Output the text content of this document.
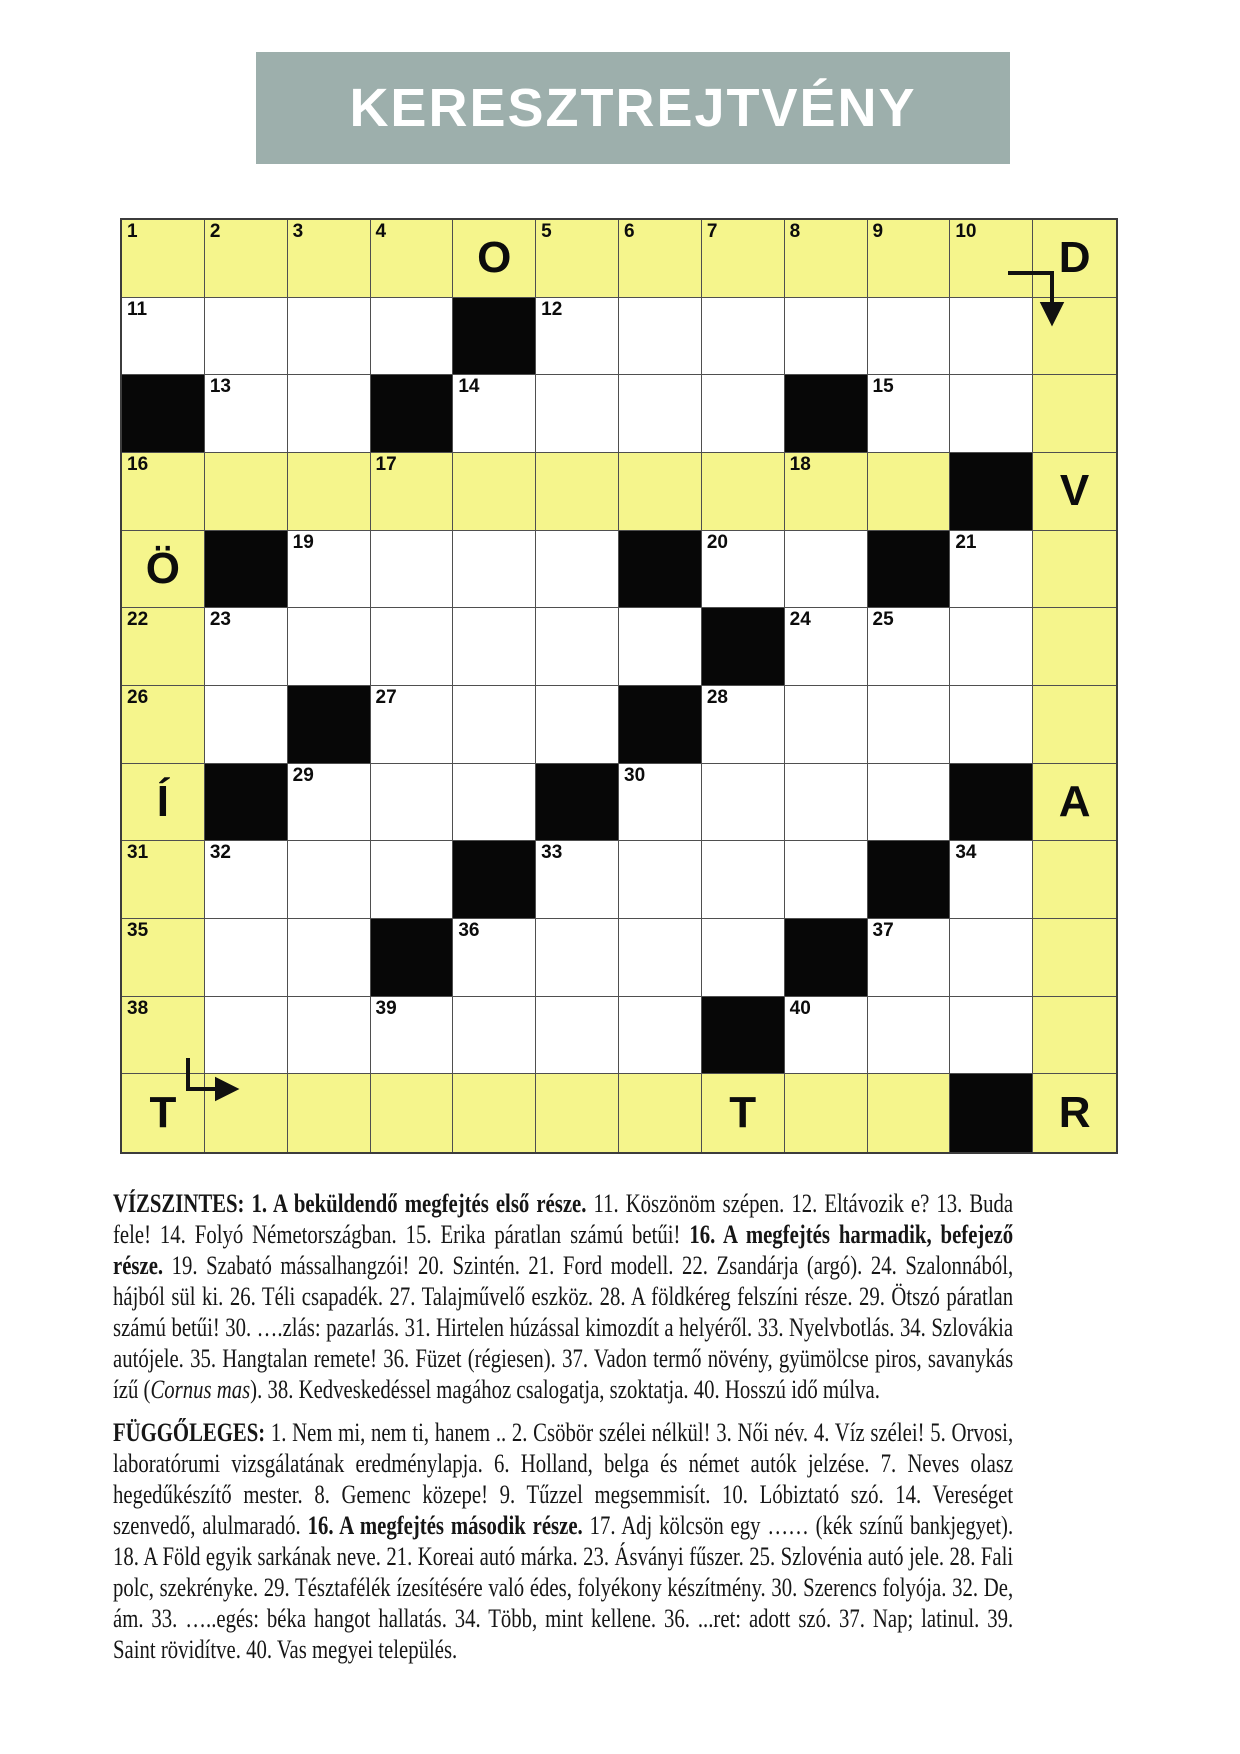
KERESZTREJTVÉNY
1	2	3	4
O
5	6	7	8	9	10
D
11	12
13	14	15
16	17	18
V
Ö
19	20	21
22	23	24	25
26	27	28
Í
29	30
A
31	32	33	34
35	36	37
38	39	40
T	T	R

VÍZSZINTES: 1. A beküldendő megfejtés első része. 11. Köszönöm szépen. 12. Eltávozik e? 13. Buda fele! 14. Folyó Németországban. 15. Erika páratlan számú betűi! 16. A megfejtés harmadik, befejező része. 19. Szabató mássalhangzói! 20. Szintén. 21. Ford modell. 22. Zsandárja (argó). 24. Szalonnából, hájból sül ki. 26. Téli csapadék. 27. Talajművelő eszköz. 28. A földkéreg felszíni része. 29. Ötszó páratlan számú betűi! 30. ….zlás: pazarlás. 31. Hirtelen húzással kimozdít a helyéről. 33. Nyelvbotlás. 34. Szlovákia autójele. 35. Hangtalan remete! 36. Füzet (régiesen). 37. Vadon termő növény, gyümölcse piros, savanykás ízű (Cornus mas). 38. Kedveskedéssel magához csalogatja, szoktatja. 40. Hosszú idő múlva.

FÜGGŐLEGES: 1. Nem mi, nem ti, hanem .. 2. Csöbör szélei nélkül! 3. Női név. 4. Víz szélei! 5. Orvosi, laboratórumi vizsgálatának eredménylapja. 6. Holland, belga és német autók jelzése. 7. Neves olasz hegedűkészítő mester. 8. Gemenc közepe! 9. Tűzzel megsemmisít. 10. Lóbiztató szó. 14. Vereséget szenvedő, alulmaradó. 16. A megfejtés második része. 17. Adj kölcsön egy …… (kék színű bankjegyet). 18. A Föld egyik sarkának neve. 21. Koreai autó márka. 23. Ásványi fűszer. 25. Szlovénia autó jele. 28. Fali polc, szekrényke. 29. Tésztafélék ízesítésére való édes, folyékony készítmény. 30. Szerencs folyója. 32. De, ám. 33. …..egés: béka hangot hallatás. 34. Több, mint kellene. 36. ...ret: adott szó. 37. Nap; latinul. 39. Saint rövidítve. 40. Vas megyei település.
